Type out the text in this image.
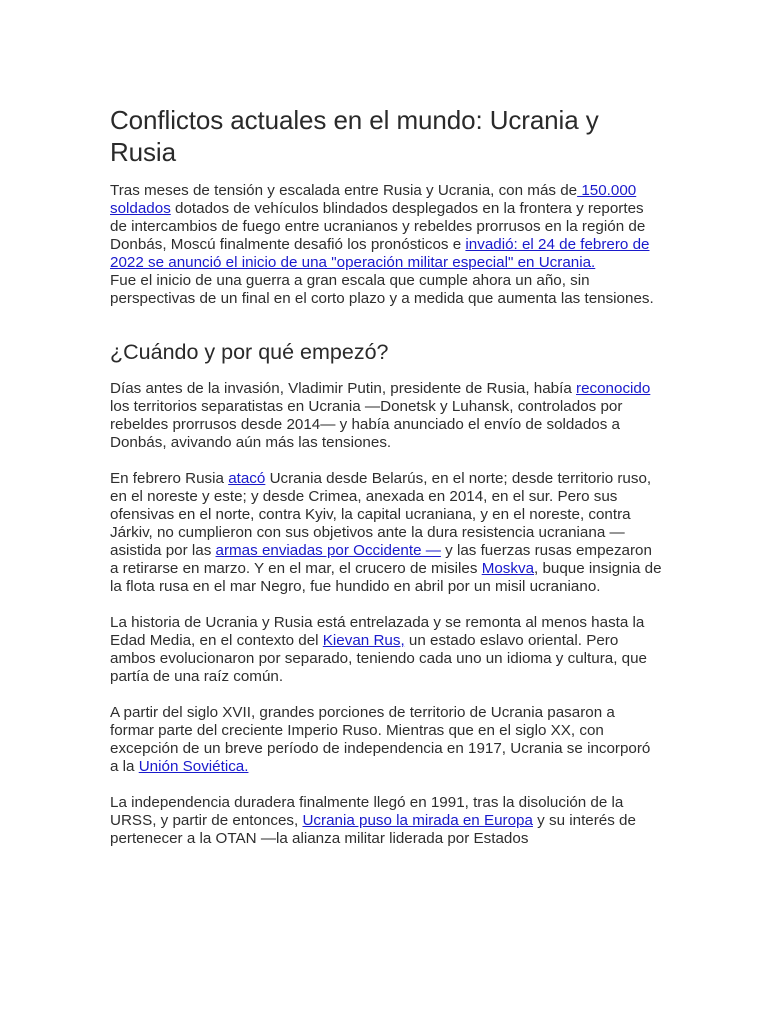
Conflictos actuales en el mundo: Ucrania y Rusia

Tras meses de tensión y escalada entre Rusia y Ucrania, con más de 150.000 soldados dotados de vehículos blindados desplegados en la frontera y reportes de intercambios de fuego entre ucranianos y rebeldes prorrusos en la región de Donbás, Moscú finalmente desafió los pronósticos e invadió: el 24 de febrero de 2022 se anunció el inicio de una "operación militar especial" en Ucrania.

Fue el inicio de una guerra a gran escala que cumple ahora un año, sin perspectivas de un final en el corto plazo y a medida que aumenta las tensiones.

¿Cuándo y por qué empezó?

Días antes de la invasión, Vladimir Putin, presidente de Rusia, había reconocido los territorios separatistas en Ucrania —Donetsk y Luhansk, controlados por rebeldes prorrusos desde 2014— y había anunciado el envío de soldados a Donbás, avivando aún más las tensiones.

En febrero Rusia atacó Ucrania desde Belarús, en el norte; desde territorio ruso, en el noreste y este; y desde Crimea, anexada en 2014, en el sur. Pero sus ofensivas en el norte, contra Kyiv, la capital ucraniana, y en el noreste, contra Járkiv, no cumplieron con sus objetivos ante la dura resistencia ucraniana —asistida por las armas enviadas por Occidente — y las fuerzas rusas empezaron a retirarse en marzo. Y en el mar, el crucero de misiles Moskva, buque insignia de la flota rusa en el mar Negro, fue hundido en abril por un misil ucraniano.

La historia de Ucrania y Rusia está entrelazada y se remonta al menos hasta la Edad Media, en el contexto del Kievan Rus, un estado eslavo oriental. Pero ambos evolucionaron por separado, teniendo cada uno un idioma y cultura, que partía de una raíz común.

A partir del siglo XVII, grandes porciones de territorio de Ucrania pasaron a formar parte del creciente Imperio Ruso. Mientras que en el siglo XX, con excepción de un breve período de independencia en 1917, Ucrania se incorporó a la Unión Soviética.

La independencia duradera finalmente llegó en 1991, tras la disolución de la URSS, y partir de entonces, Ucrania puso la mirada en Europa y su interés de pertenecer a la OTAN —la alianza militar liderada por Estados
